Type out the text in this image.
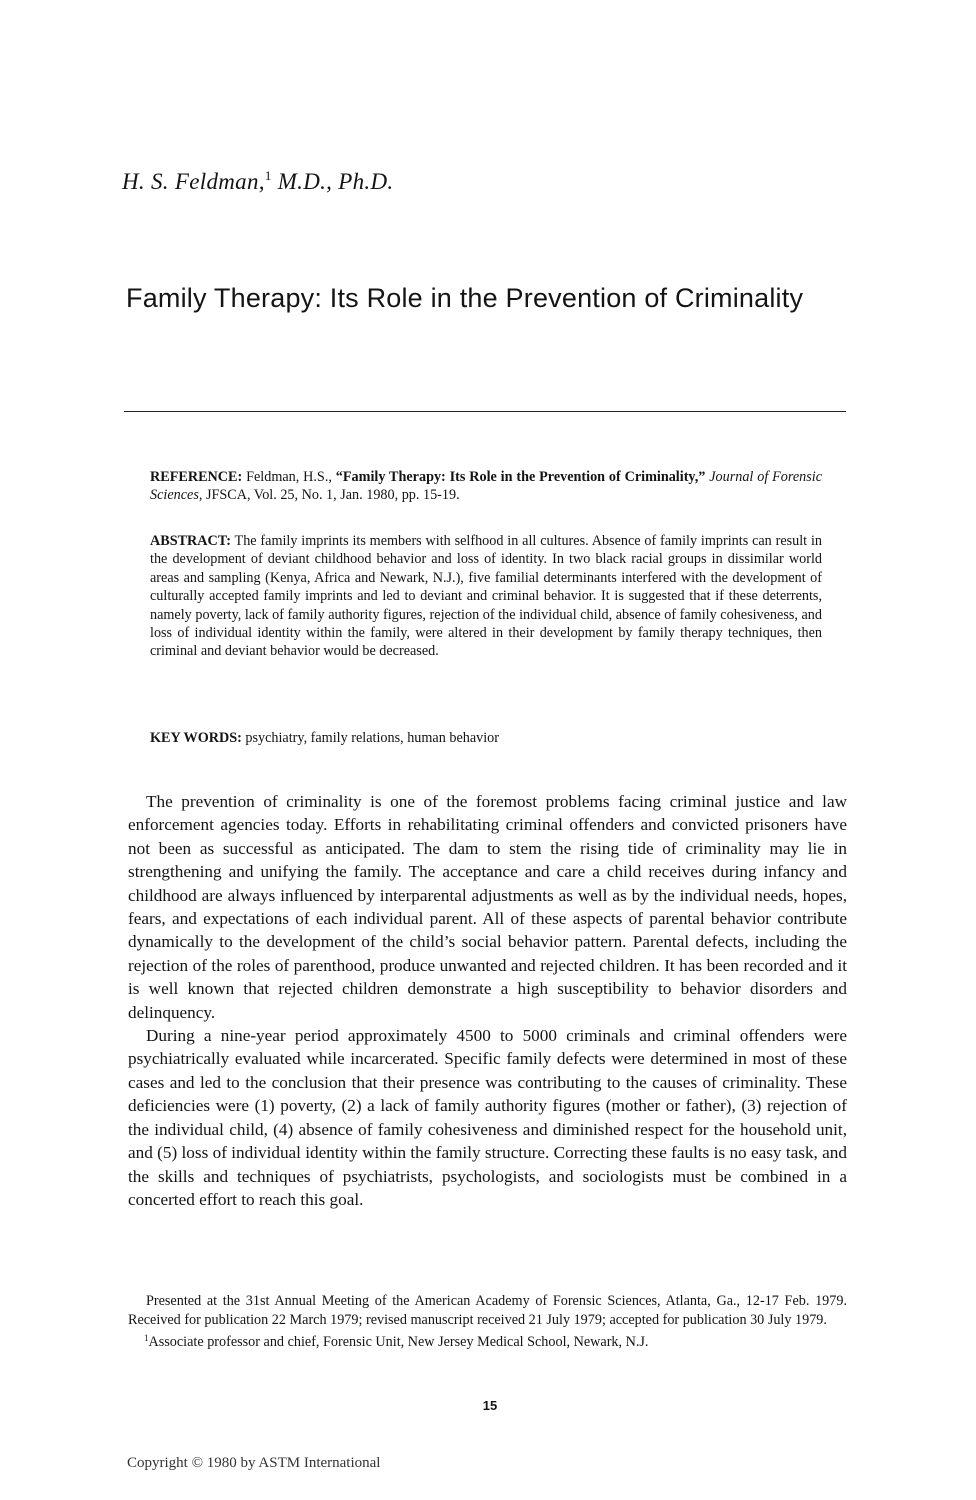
H. S. Feldman,$^1$ M.D., Ph.D.
Family Therapy: Its Role in the Prevention of Criminality
REFERENCE: Feldman, H.S., “Family Therapy: Its Role in the Prevention of Criminality,” Journal of Forensic Sciences, JFSCA, Vol. 25, No. 1, Jan. 1980, pp. 15-19.
ABSTRACT: The family imprints its members with selfhood in all cultures. Absence of family imprints can result in the development of deviant childhood behavior and loss of identity. In two black racial groups in dissimilar world areas and sampling (Kenya, Africa and Newark, N.J.), five familial determinants interfered with the development of culturally accepted family imprints and led to deviant and criminal behavior. It is suggested that if these deterrents, namely poverty, lack of family authority figures, rejection of the individual child, absence of family cohesiveness, and loss of individual identity within the family, were altered in their development by family therapy techniques, then criminal and deviant behavior would be decreased.
KEY WORDS: psychiatry, family relations, human behavior

The prevention of criminality is one of the foremost problems facing criminal justice and law enforcement agencies today. Efforts in rehabilitating criminal offenders and convicted prisoners have not been as successful as anticipated. The dam to stem the rising tide of criminality may lie in strengthening and unifying the family. The acceptance and care a child receives during infancy and childhood are always influenced by interparental adjustments as well as by the individual needs, hopes, fears, and expectations of each individual parent. All of these aspects of parental behavior contribute dynamically to the development of the child’s social behavior pattern. Parental defects, including the rejection of the roles of parenthood, produce unwanted and rejected children. It has been recorded and it is well known that rejected children demonstrate a high susceptibility to behavior disorders and delinquency.

During a nine-year period approximately 4500 to 5000 criminals and criminal offenders were psychiatrically evaluated while incarcerated. Specific family defects were determined in most of these cases and led to the conclusion that their presence was contributing to the causes of criminality. These deficiencies were (1) poverty, (2) a lack of family authority figures (mother or father), (3) rejection of the individual child, (4) absence of family cohesiveness and diminished respect for the household unit, and (5) loss of individual identity within the family structure. Correcting these faults is no easy task, and the skills and techniques of psychiatrists, psychologists, and sociologists must be combined in a concerted effort to reach this goal.

Presented at the 31st Annual Meeting of the American Academy of Forensic Sciences, Atlanta, Ga., 12-17 Feb. 1979. Received for publication 22 March 1979; revised manuscript received 21 July 1979; accepted for publication 30 July 1979.

$^1$Associate professor and chief, Forensic Unit, New Jersey Medical School, Newark, N.J.

15
Copyright © 1980 by ASTM International
